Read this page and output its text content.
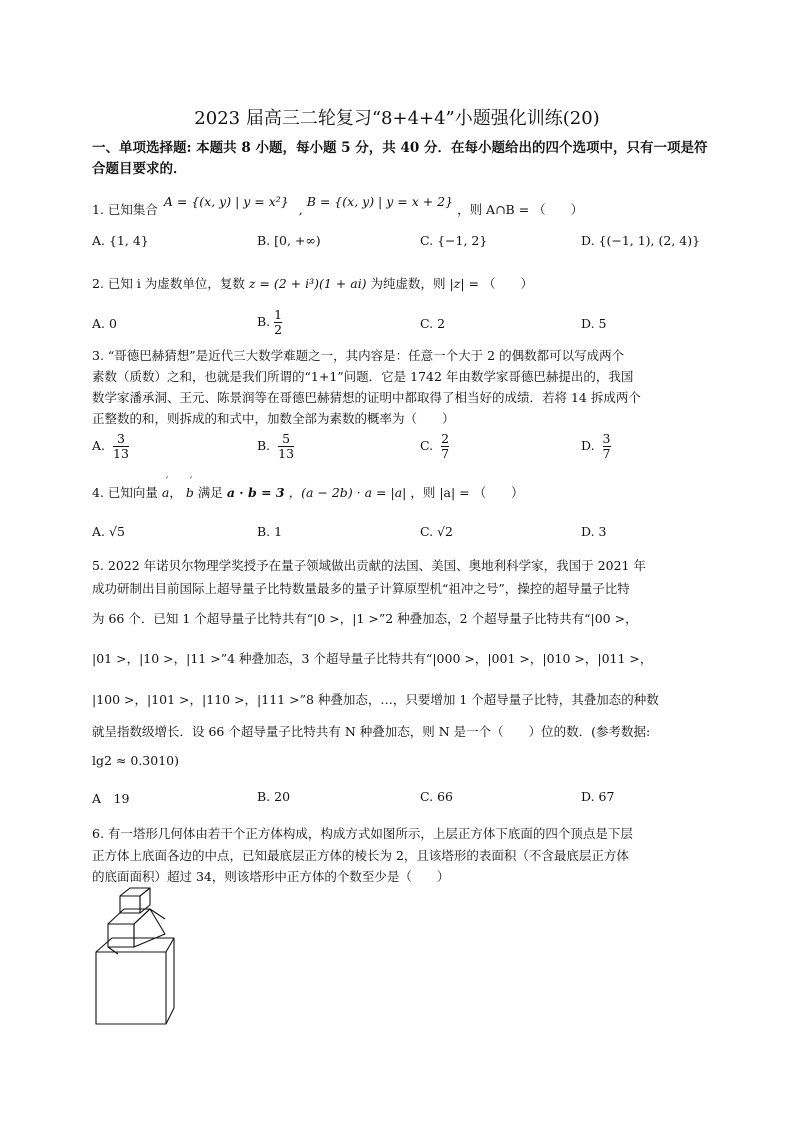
2023 届高三二轮复习“8+4+4”小题强化训练(20)
一、单项选择题: 本题共 8 小题，每小题 5 分，共 40 分．在每小题给出的四个选项中，只有一项是符合题目要求的．
1. 已知集合 A = {(x, y) | y = x²} , B = {(x, y) | y = x + 2} ，则 A∩B = （　　）
A. {1, 4}	B. [0, +∞)	C. {−1, 2}	D. {(−1, 1), (2, 4)}
2. 已知 i 为虚数单位，复数 z = (2 + i³)(1 + ai) 为纯虚数，则 |z| = （　　）
A. 0	B. $\frac{1}{2}$	C. 2	D. 5
3. “哥德巴赫猜想”是近代三大数学难题之一，其内容是：任意一个大于 2 的偶数都可以写成两个
素数（质数）之和，也就是我们所谓的“1+1”问题．它是 1742 年由数学家哥德巴赫提出的，我国
数学家潘承洞、王元、陈景润等在哥德巴赫猜想的证明中都取得了相当好的成绩．若将 14 拆成两个
正整数的和，则拆成的和式中，加数全部为素数的概率为（　　）
A. $\frac{3}{13}$	B. $\frac{5}{13}$	C. $\frac{2}{7}$	D. $\frac{3}{7}$
4. 已知向量 ´ a， ´ b 满足 a · b = 3 ，(a − 2b) · a = |a| ，则 |a| = （　　）
A. √5	B. 1	C. √2	D. 3
5. 2022 年诺贝尔物理学奖授予在量子领域做出贡献的法国、美国、奥地利科学家，我国于 2021 年
成功研制出目前国际上超导量子比特数量最多的量子计算原型机“祖冲之号”，操控的超导量子比特
为 66 个．已知 1 个超导量子比特共有“|0 >，|1 >”2 种叠加态，2 个超导量子比特共有“|00 >，
|01 >，|10 >，|11 >”4 种叠加态，3 个超导量子比特共有“|000 >，|001 >，|010 >，|011 >，
|100 >，|101 >，|110 >，|111 >”8 种叠加态，…，只要增加 1 个超导量子比特，其叠加态的种数
就呈指数级增长．设 66 个超导量子比特共有 N 种叠加态，则 N 是一个（　　）位的数．(参考数据:
lg2 ≈ 0.3010)
A　19	B. 20	C. 66	D. 67
6. 有一塔形几何体由若干个正方体构成，构成方式如图所示，上层正方体下底面的四个顶点是下层
正方体上底面各边的中点，已知最底层正方体的棱长为 2，且该塔形的表面积（不含最底层正方体
的底面面积）超过 34，则该塔形中正方体的个数至少是（　　）
